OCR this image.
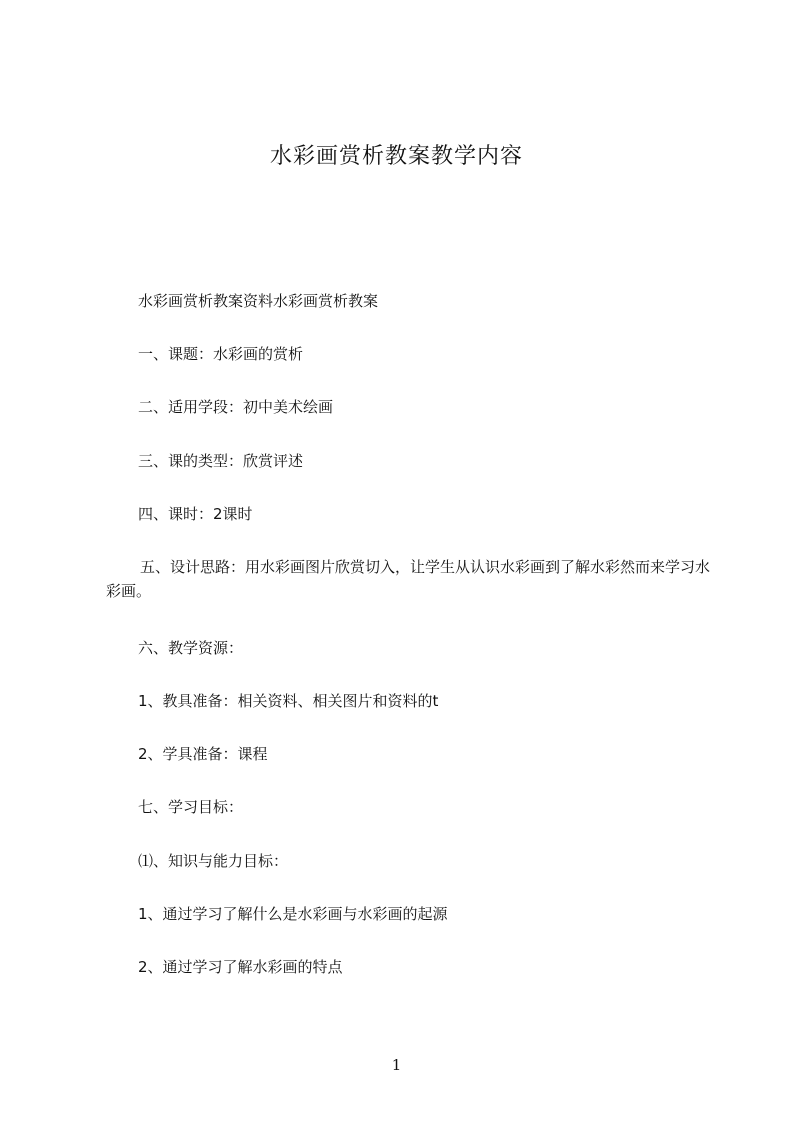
水彩画赏析教案教学内容
水彩画赏析教案资料水彩画赏析教案
一、课题：水彩画的赏析
二、适用学段：初中美术绘画
三、课的类型：欣赏评述
四、课时：2课时
五、设计思路：用水彩画图片欣赏切入，让学生从认识水彩画到了解水彩然而来学习水彩画。
六、教学资源：
1、教具准备：相关资料、相关图片和资料的t
2、学具准备：课程
七、学习目标：
⑴、知识与能力目标：
1、通过学习了解什么是水彩画与水彩画的起源
2、通过学习了解水彩画的特点
1
